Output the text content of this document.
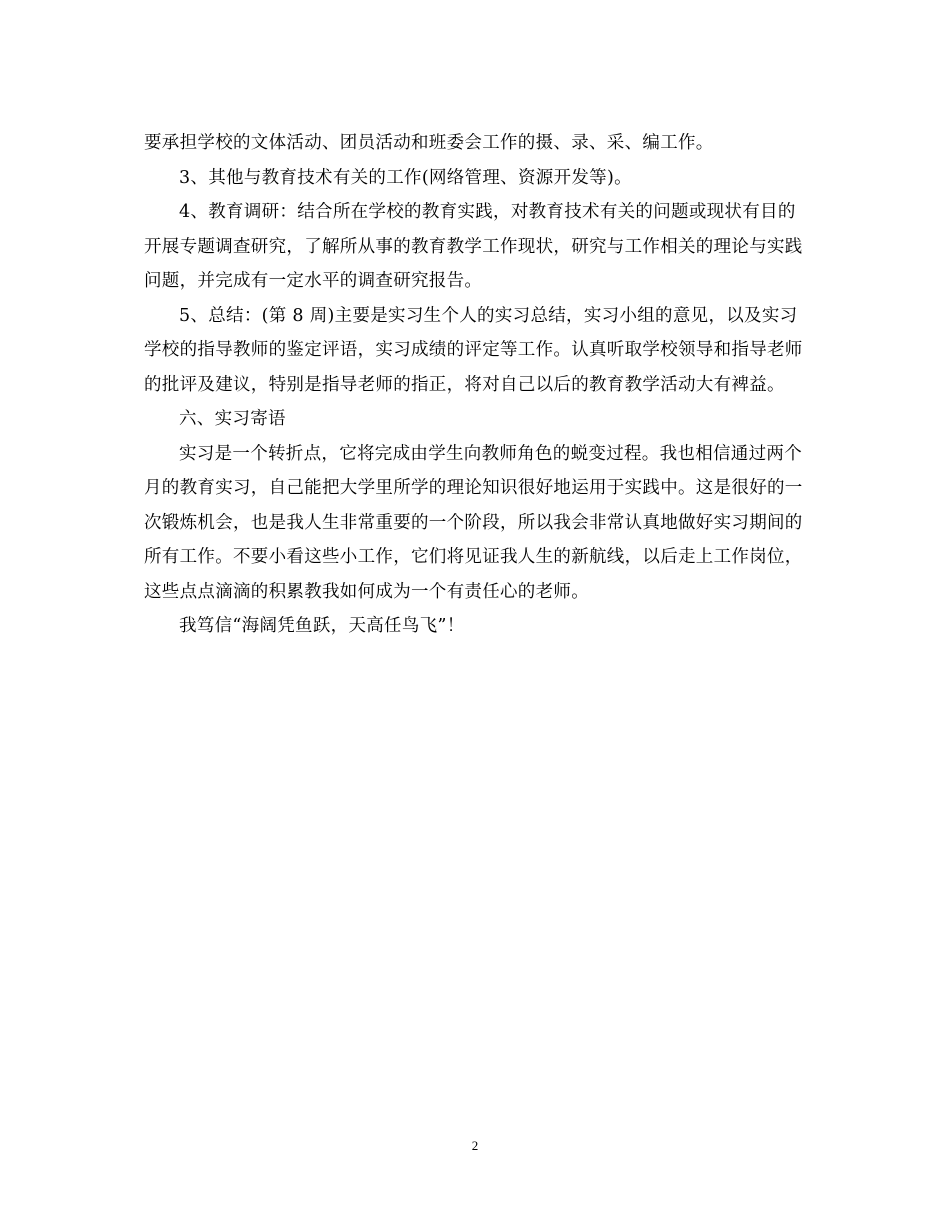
要承担学校的文体活动、团员活动和班委会工作的摄、录、采、编工作。

3、其他与教育技术有关的工作(网络管理、资源开发等)。

4、教育调研：结合所在学校的教育实践，对教育技术有关的问题或现状有目的开展专题调查研究，了解所从事的教育教学工作现状，研究与工作相关的理论与实践问题，并完成有一定水平的调查研究报告。

5、总结：(第 8 周)主要是实习生个人的实习总结，实习小组的意见，以及实习学校的指导教师的鉴定评语，实习成绩的评定等工作。认真听取学校领导和指导老师的批评及建议，特别是指导老师的指正，将对自己以后的教育教学活动大有裨益。

六、实习寄语

实习是一个转折点，它将完成由学生向教师角色的蜕变过程。我也相信通过两个月的教育实习，自己能把大学里所学的理论知识很好地运用于实践中。这是很好的一次锻炼机会，也是我人生非常重要的一个阶段，所以我会非常认真地做好实习期间的所有工作。不要小看这些小工作，它们将见证我人生的新航线，以后走上工作岗位，这些点点滴滴的积累教我如何成为一个有责任心的老师。

我笃信“海阔凭鱼跃，天高任鸟飞”！

2
